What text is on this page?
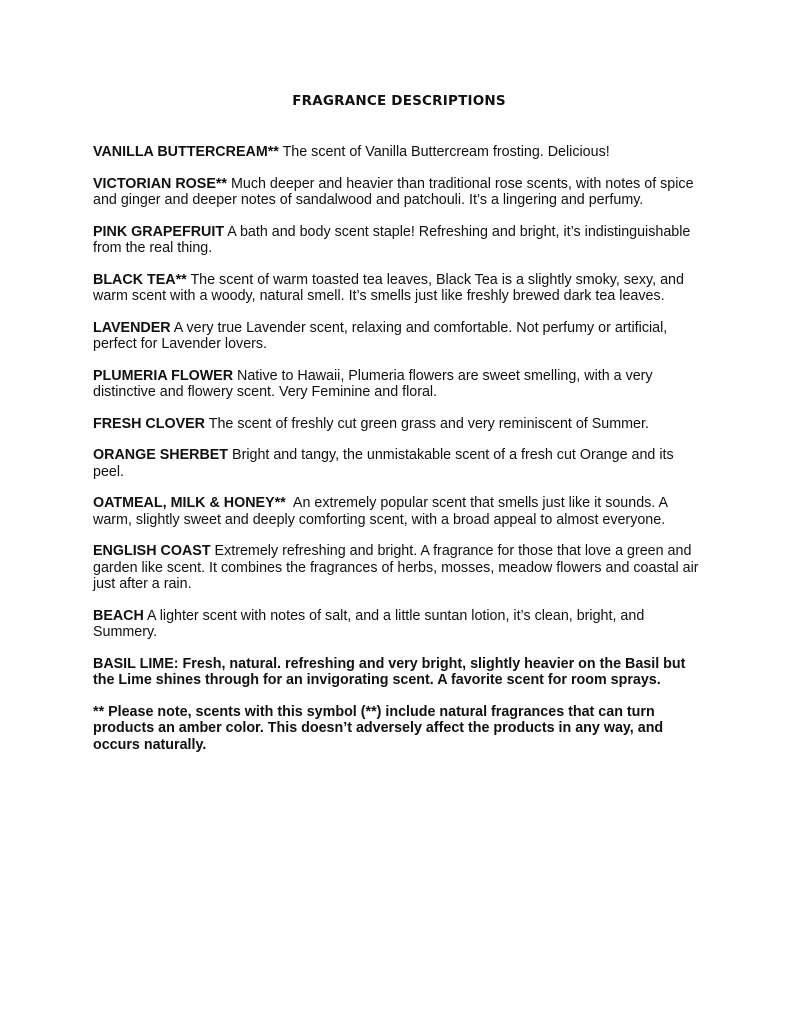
FRAGRANCE DESCRIPTIONS
VANILLA BUTTERCREAM** The scent of Vanilla Buttercream frosting. Delicious!
VICTORIAN ROSE** Much deeper and heavier than traditional rose scents, with notes of spice and ginger and deeper notes of sandalwood and patchouli. It’s a lingering and perfumy.
PINK GRAPEFRUIT A bath and body scent staple! Refreshing and bright, it’s indistinguishable from the real thing.
BLACK TEA** The scent of warm toasted tea leaves, Black Tea is a slightly smoky, sexy, and warm scent with a woody, natural smell. It’s smells just like freshly brewed dark tea leaves.
LAVENDER A very true Lavender scent, relaxing and comfortable. Not perfumy or artificial, perfect for Lavender lovers.
PLUMERIA FLOWER Native to Hawaii, Plumeria flowers are sweet smelling, with a very distinctive and flowery scent. Very Feminine and floral.
FRESH CLOVER The scent of freshly cut green grass and very reminiscent of Summer.
ORANGE SHERBET Bright and tangy, the unmistakable scent of a fresh cut Orange and its peel.
OATMEAL, MILK & HONEY**  An extremely popular scent that smells just like it sounds. A warm, slightly sweet and deeply comforting scent, with a broad appeal to almost everyone.
ENGLISH COAST Extremely refreshing and bright. A fragrance for those that love a green and garden like scent. It combines the fragrances of herbs, mosses, meadow flowers and coastal air just after a rain.
BEACH A lighter scent with notes of salt, and a little suntan lotion, it’s clean, bright, and Summery.
BASIL LIME: Fresh, natural. refreshing and very bright, slightly heavier on the Basil but the Lime shines through for an invigorating scent. A favorite scent for room sprays.
** Please note, scents with this symbol (**) include natural fragrances that can turn products an amber color. This doesn’t adversely affect the products in any way, and occurs naturally.
